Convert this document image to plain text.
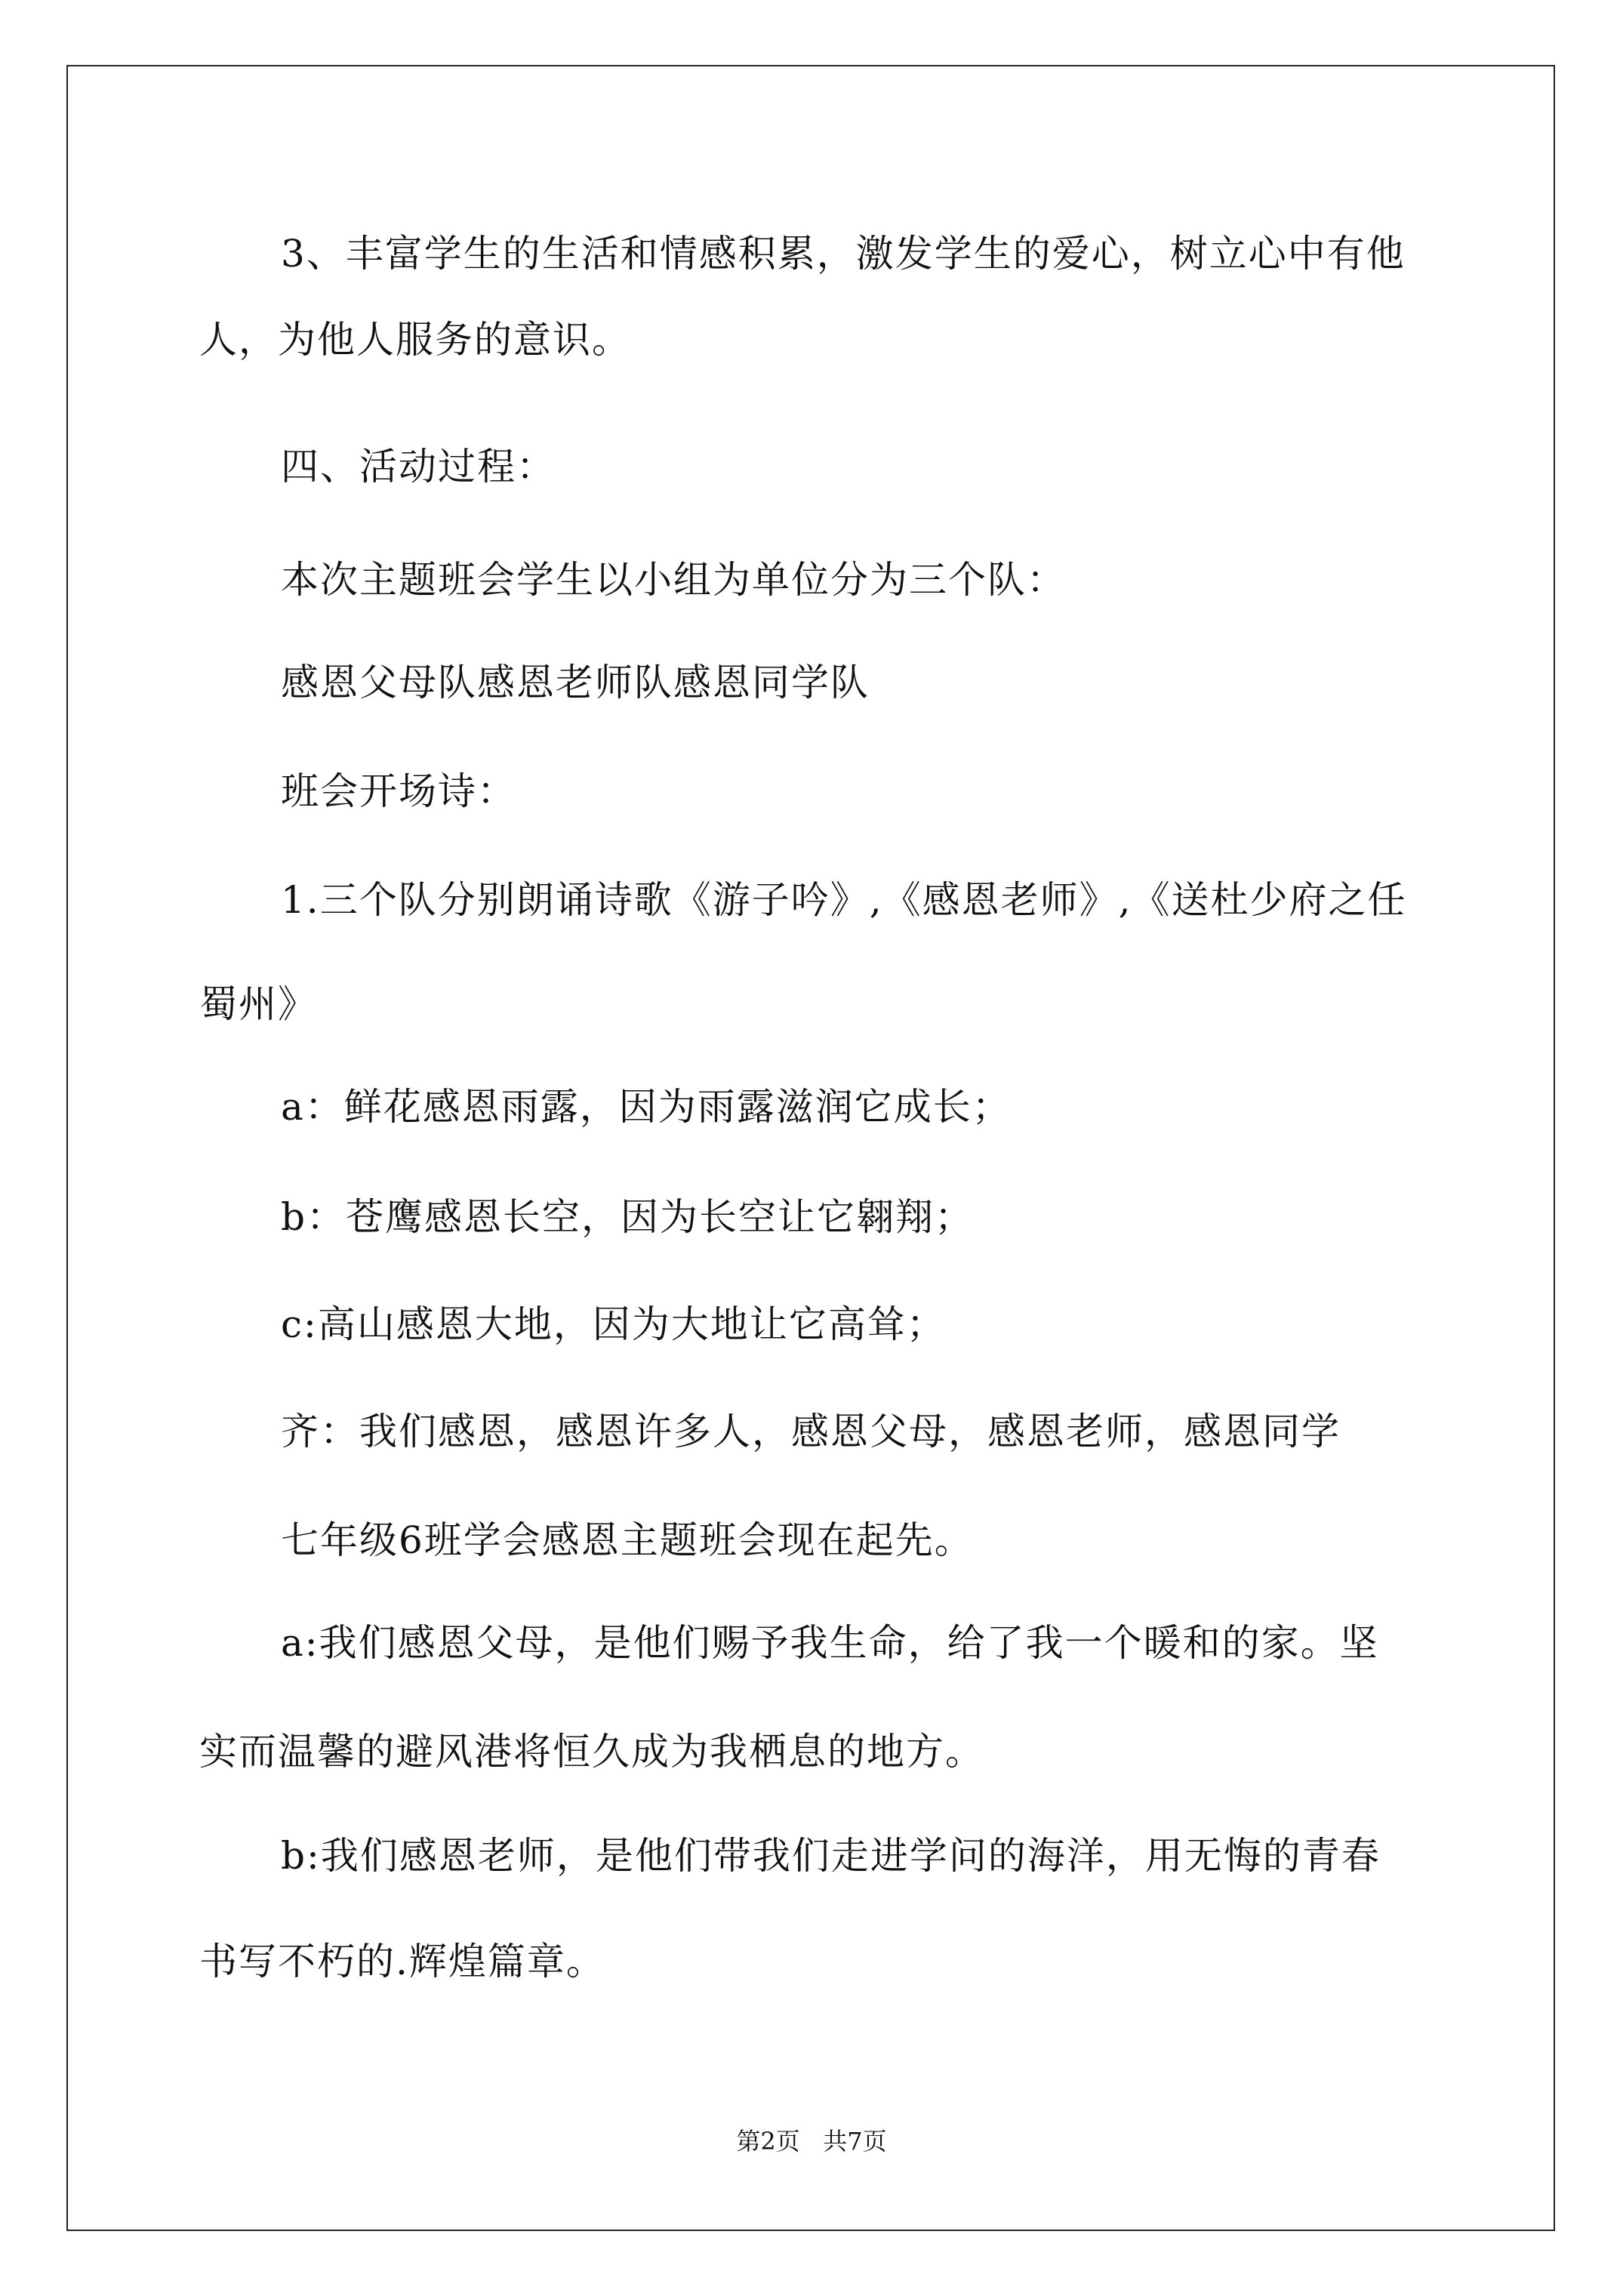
3、丰富学生的生活和情感积累，激发学生的爱心，树立心中有他
人，为他人服务的意识。
四、活动过程：
本次主题班会学生以小组为单位分为三个队：
感恩父母队感恩老师队感恩同学队
班会开场诗：
1.三个队分别朗诵诗歌《游子吟》,《感恩老师》,《送杜少府之任
蜀州》
a：鲜花感恩雨露，因为雨露滋润它成长；
b：苍鹰感恩长空，因为长空让它翱翔；
c:高山感恩大地，因为大地让它高耸；
齐：我们感恩，感恩许多人，感恩父母，感恩老师，感恩同学
七年级6班学会感恩主题班会现在起先。
a:我们感恩父母，是他们赐予我生命，给了我一个暖和的家。坚
实而温馨的避风港将恒久成为我栖息的地方。
b:我们感恩老师，是他们带我们走进学问的海洋，用无悔的青春
书写不朽的.辉煌篇章。
第2页   共7页
